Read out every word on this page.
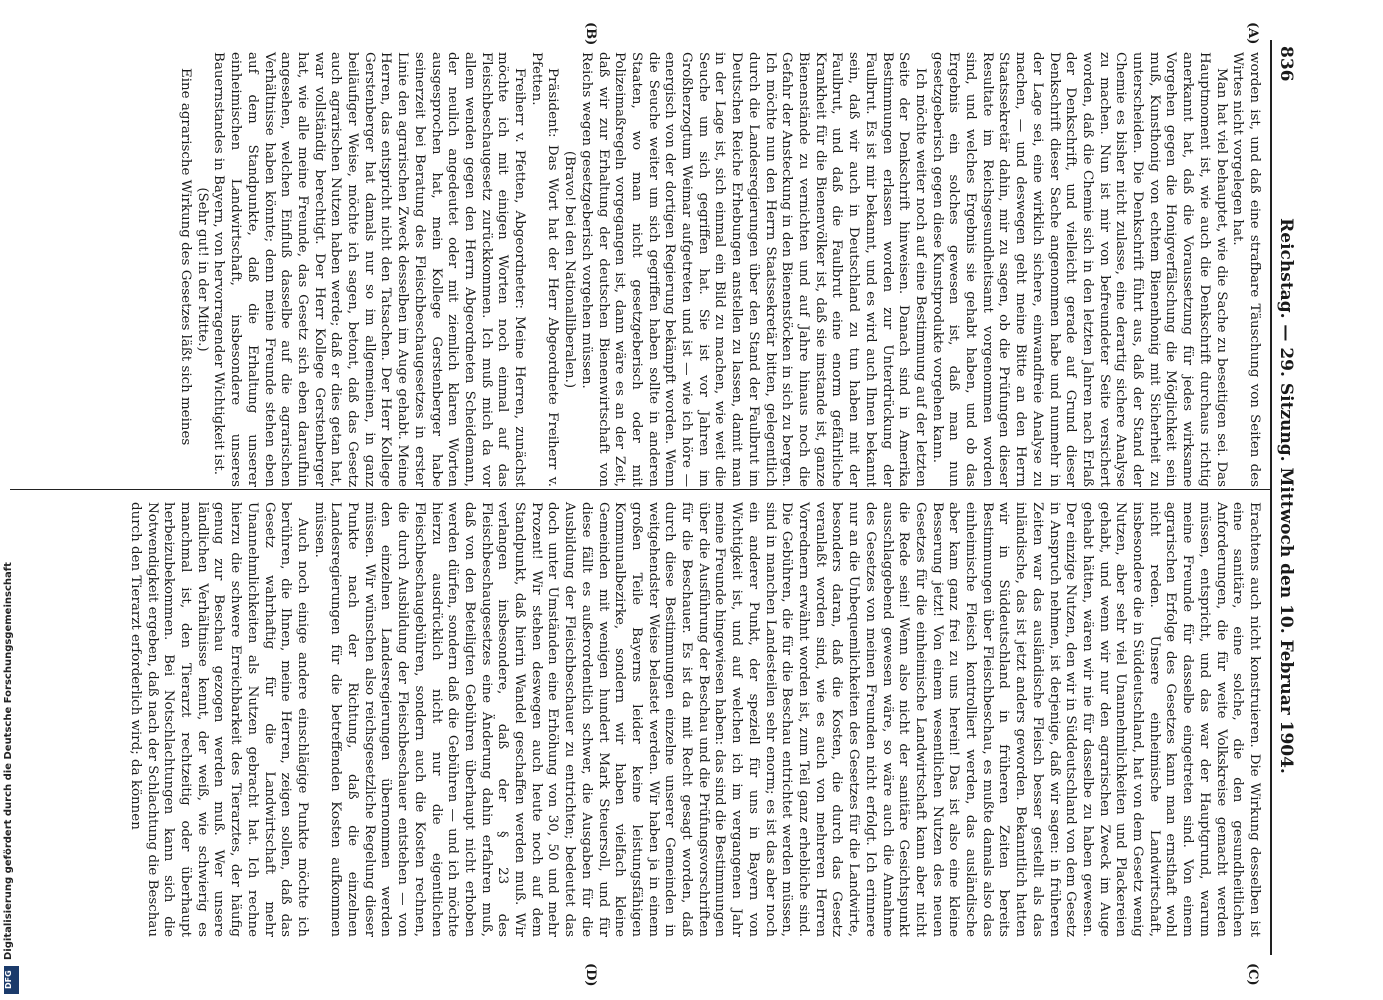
836
Reichstag. — 29. Sitzung. Mittwoch den 10. Februar 1904.
(A)
(B)
(C)
(D)

worden ist, und daß eine strafbare Täuschung von Seiten des Wirtes nicht vorgelegen hat.

Man hat viel behauptet, wie die Sache zu beseitigen sei. Das Hauptmoment ist, wie auch die Denkschrift durchaus richtig anerkannt hat, daß die Voraussetzung für jedes wirksame Vorgehen gegen die Honigverfälschung die Möglichkeit sein muß, Kunsthonig von echtem Bienenhonig mit Sicherheit zu unterscheiden. Die Denkschrift führt aus, daß der Stand der Chemie es bisher nicht zulasse, eine derartig sichere Analyse zu machen. Nun ist mir von befreundeter Seite versichert worden, daß die Chemie sich in den letzten Jahren nach Erlaß der Denkschrift, und vielleicht gerade auf Grund dieser Denkschrift dieser Sache angenommen habe und nunmehr in der Lage sei, eine wirklich sichere, einwandfreie Analyse zu machen, — und deswegen geht meine Bitte an den Herrn Staatssekretär dahin, mir zu sagen, ob die Prüfungen dieser Resultate im Reichsgesundheitsamt vorgenommen worden sind, und welches Ergebnis sie gehabt haben, und ob das Ergebnis ein solches gewesen ist, daß man nun gesetzgeberisch gegen diese Kunstprodukte vorgehen kann.

Ich möchte weiter noch auf eine Bestimmung auf der letzten Seite der Denkschrift hinweisen. Danach sind in Amerika Bestimmungen erlassen worden zur Unterdrückung der Faulbrut. Es ist mir bekannt, und es wird auch Ihnen bekannt sein, daß wir auch in Deutschland zu tun haben mit der Faulbrut, und daß die Faulbrut eine enorm gefährliche Krankheit für die Bienenvölker ist, daß sie imstande ist, ganze Bienenstände zu vernichten und auf Jahre hinaus noch die Gefahr der Ansteckung in den Bienenstöcken in sich zu bergen. Ich möchte nun den Herrn Staatssekretär bitten, gelegentlich durch die Landesregierungen über den Stand der Faulbrut im Deutschen Reiche Erhebungen anstellen zu lassen, damit man in der Lage ist, sich einmal ein Bild zu machen, wie weit die Seuche um sich gegriffen hat. Sie ist vor Jahren im Großherzogtum Weimar aufgetreten und ist — wie ich höre — energisch von der dortigen Regierung bekämpft worden. Wenn die Seuche weiter um sich gegriffen haben sollte in anderen Staaten, wo man nicht gesetzgeberisch oder mit Polizeimaßregeln vorgegangen ist, dann wäre es an der Zeit, daß wir zur Erhaltung der deutschen Bienenwirtschaft von Reichs wegen gesetzgeberisch vorgehen müssen.

(Bravo! bei den Nationalliberalen.)

Präsident: Das Wort hat der Herr Abgeordnete Freiherr v. Pfetten.

Freiherr v. Pfetten, Abgeordneter: Meine Herren, zunächst möchte ich mit einigen Worten noch einmal auf das Fleischbeschaugesetz zurückkommen. Ich muß mich da vor allem wenden gegen den Herrn Abgeordneten Scheidemann, der neulich angedeutet oder mit ziemlich klaren Worten ausgesprochen hat, mein Kollege Gerstenberger habe seinerzeit bei Beratung des Fleischbeschaugesetzes in erster Linie den agrarischen Zweck desselben im Auge gehabt. Meine Herren, das entspricht nicht den Tatsachen. Der Herr Kollege Gerstenberger hat damals nur so im allgemeinen, in ganz beiläufiger Weise, möchte ich sagen, betont, daß das Gesetz auch agrarischen Nutzen haben werde; daß er dies getan hat, war vollständig berechtigt. Der Herr Kollege Gerstenberger hat, wie alle meine Freunde, das Gesetz sich eben daraufhin angesehen, welchen Einfluß dasselbe auf die agrarischen Verhältnisse haben könnte; denn meine Freunde stehen eben auf dem Standpunkte, daß die Erhaltung unserer einheimischen Landwirtschaft, insbesondere unseres Bauernstandes in Bayern, von hervorragender Wichtigkeit ist.

(Sehr gut! in der Mitte.)

Eine agrarische Wirkung des Gesetzes läßt sich meines

Erachtens auch nicht konstruieren. Die Wirkung desselben ist eine sanitäre, eine solche, die den gesundheitlichen Anforderungen, die für weite Volkskreise gemacht werden müssen, entspricht, und das war der Hauptgrund, warum meine Freunde für dasselbe eingetreten sind. Von einem agrarischen Erfolge des Gesetzes kann man ernsthaft wohl nicht reden. Unsere einheimische Landwirtschaft, insbesondere die in Süddeutschland, hat von dem Gesetz wenig Nutzen, aber sehr viel Unannehmlichkeiten und Plackereien gehabt, und wenn wir nur den agrarischen Zweck im Auge gehabt hätten, wären wir nie für dasselbe zu haben gewesen. Der einzige Nutzen, den wir in Süddeutschland von dem Gesetz in Anspruch nehmen, ist derjenige, daß wir sagen: in früheren Zeiten war das ausländische Fleisch besser gestellt als das inländische, das ist jetzt anders geworden. Bekanntlich hatten wir in Süddeutschland in früheren Zeiten bereits Bestimmungen über Fleischbeschau, es mußte damals also das einheimische Fleisch kontrolliert werden, das ausländische aber kam ganz frei zu uns herein! Das ist also eine kleine Besserung jetzt! Von einem wesentlichen Nutzen des neuen Gesetzes für die einheimische Landwirtschaft kann aber nicht die Rede sein! Wenn also nicht der sanitäre Gesichtspunkt ausschlaggebend gewesen wäre, so wäre auch die Annahme des Gesetzes von meinen Freunden nicht erfolgt. Ich erinnere nur an die Unbequemlichkeiten des Gesetzes für die Landwirte, besonders daran, daß die Kosten, die durch das Gesetz veranlaßt worden sind, wie es auch von mehreren Herren Vorrednern erwähnt worden ist, zum Teil ganz erhebliche sind. Die Gebühren, die für die Beschau entrichtet werden müssen, sind in manchen Landesteilen sehr enorm; es ist das aber noch ein anderer Punkt, der speziell für uns in Bayern von Wichtigkeit ist, und auf welchen ich im vergangenen Jahr meine Freunde hingewiesen haben: das sind die Bestimmungen über die Ausführung der Beschau und die Prüfungsvorschriften für die Beschauer. Es ist da mit Recht gesagt worden, daß durch diese Bestimmungen einzelne unserer Gemeinden in weitgehendster Weise belastet werden. Wir haben ja in einem großen Teile Bayerns leider keine leistungsfähigen Kommunalbezirke, sondern wir haben vielfach kleine Gemeinden mit wenigen hundert Mark Steuersoll, und für diese fällt es außerordentlich schwer, die Ausgaben für die Ausbildung der Fleischbeschauer zu entrichten; bedeutet das doch unter Umständen eine Erhöhung von 30, 50 und mehr Prozent! Wir stehen deswegen auch heute noch auf dem Standpunkt, daß hierin Wandel geschaffen werden muß. Wir verlangen insbesondere, daß der § 23 des Fleischbeschaugesetzes eine Änderung dahin erfahren muß, daß von den Beteiligten Gebühren überhaupt nicht erhoben werden dürfen, sondern daß die Gebühren — und ich möchte hierzu ausdrücklich nicht nur die eigentlichen Fleischbeschaugebühren, sondern auch die Kosten rechnen, die durch Ausbildung der Fleischbeschauer entstehen — von den einzelnen Landesregierungen übernommen werden müssen. Wir wünschen also reichsgesetzliche Regelung dieser Punkte nach der Richtung, daß die einzelnen Landesregierungen für die betreffenden Kosten aufkommen müssen.

Auch noch einige andere einschlägige Punkte möchte ich berühren, die Ihnen, meine Herren, zeigen sollen, daß das Gesetz wahrhaftig für die Landwirtschaft mehr Unannehmlichkeiten als Nutzen gebracht hat. Ich rechne hierzu die schwere Erreichbarkeit des Tierarztes, der häufig genug zur Beschau gezogen werden muß. Wer unsere ländlichen Verhältnisse kennt, der weiß, wie schwierig es manchmal ist, den Tierarzt rechtzeitig oder überhaupt herbeizubekommen. Bei Notschlachtungen kann sich die Notwendigkeit ergeben, daß nach der Schlachtung die Beschau durch den Tierarzt erforderlich wird; da können

Digitalisierung gefördert durch die Deutsche Forschungsgemeinschaft
DFG
